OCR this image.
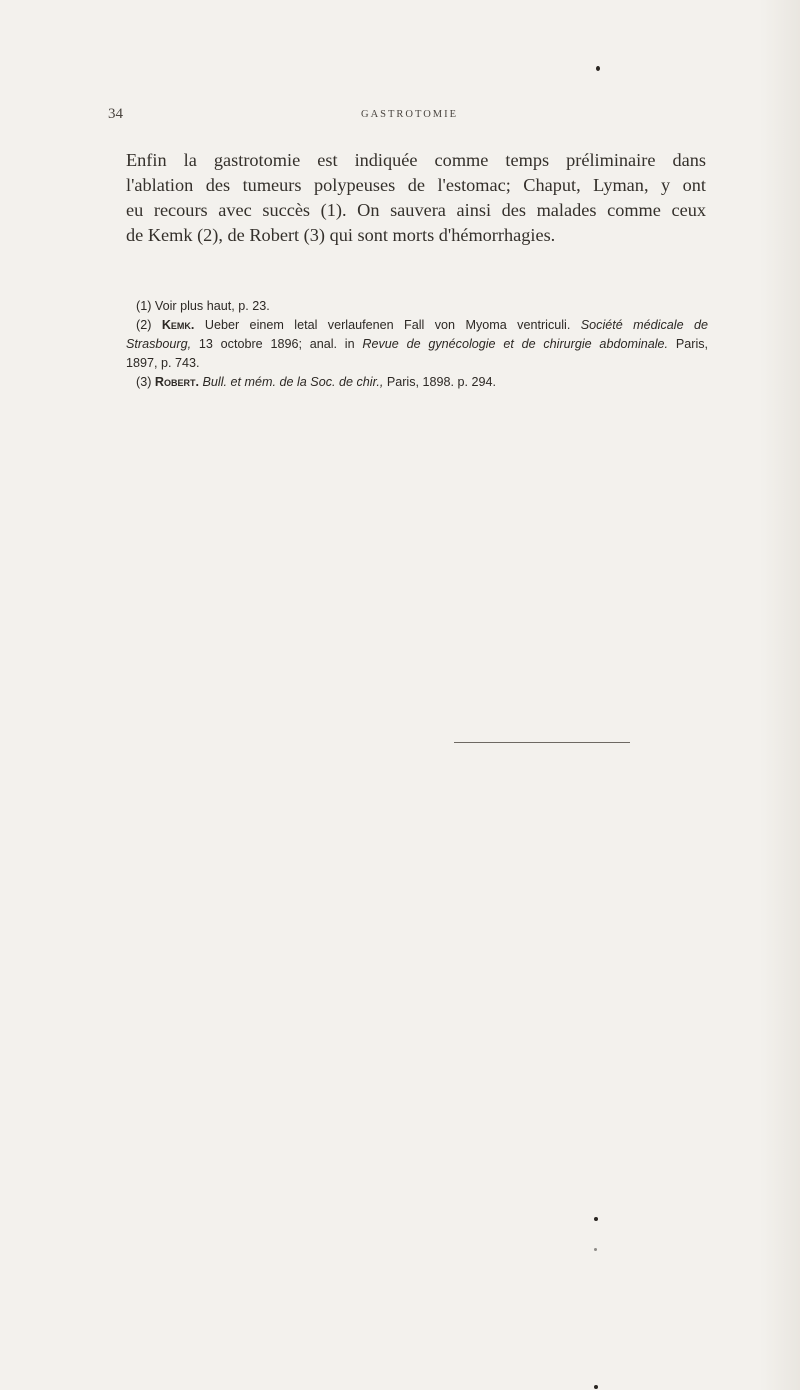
34	GASTROTOMIE
Enfin la gastrotomie est indiquée comme temps préliminaire dans
l'ablation des tumeurs polypeuses de l'estomac; Chaput, Lyman, y ont
eu recours avec succès (1). On sauvera ainsi des malades comme ceux
de Kemk (2), de Robert (3) qui sont morts d'hémorrhagies.
(1) Voir plus haut, p. 23.
(2) Kemk. Ueber einem letal verlaufenen Fall von Myoma ventriculi. Société médicale de
Strasbourg, 13 octobre 1896; anal. in Revue de gynécologie et de chirurgie abdominale. Paris,
1897, p. 743.
(3) Robert. Bull. et mém. de la Soc. de chir., Paris, 1898. p. 294.
